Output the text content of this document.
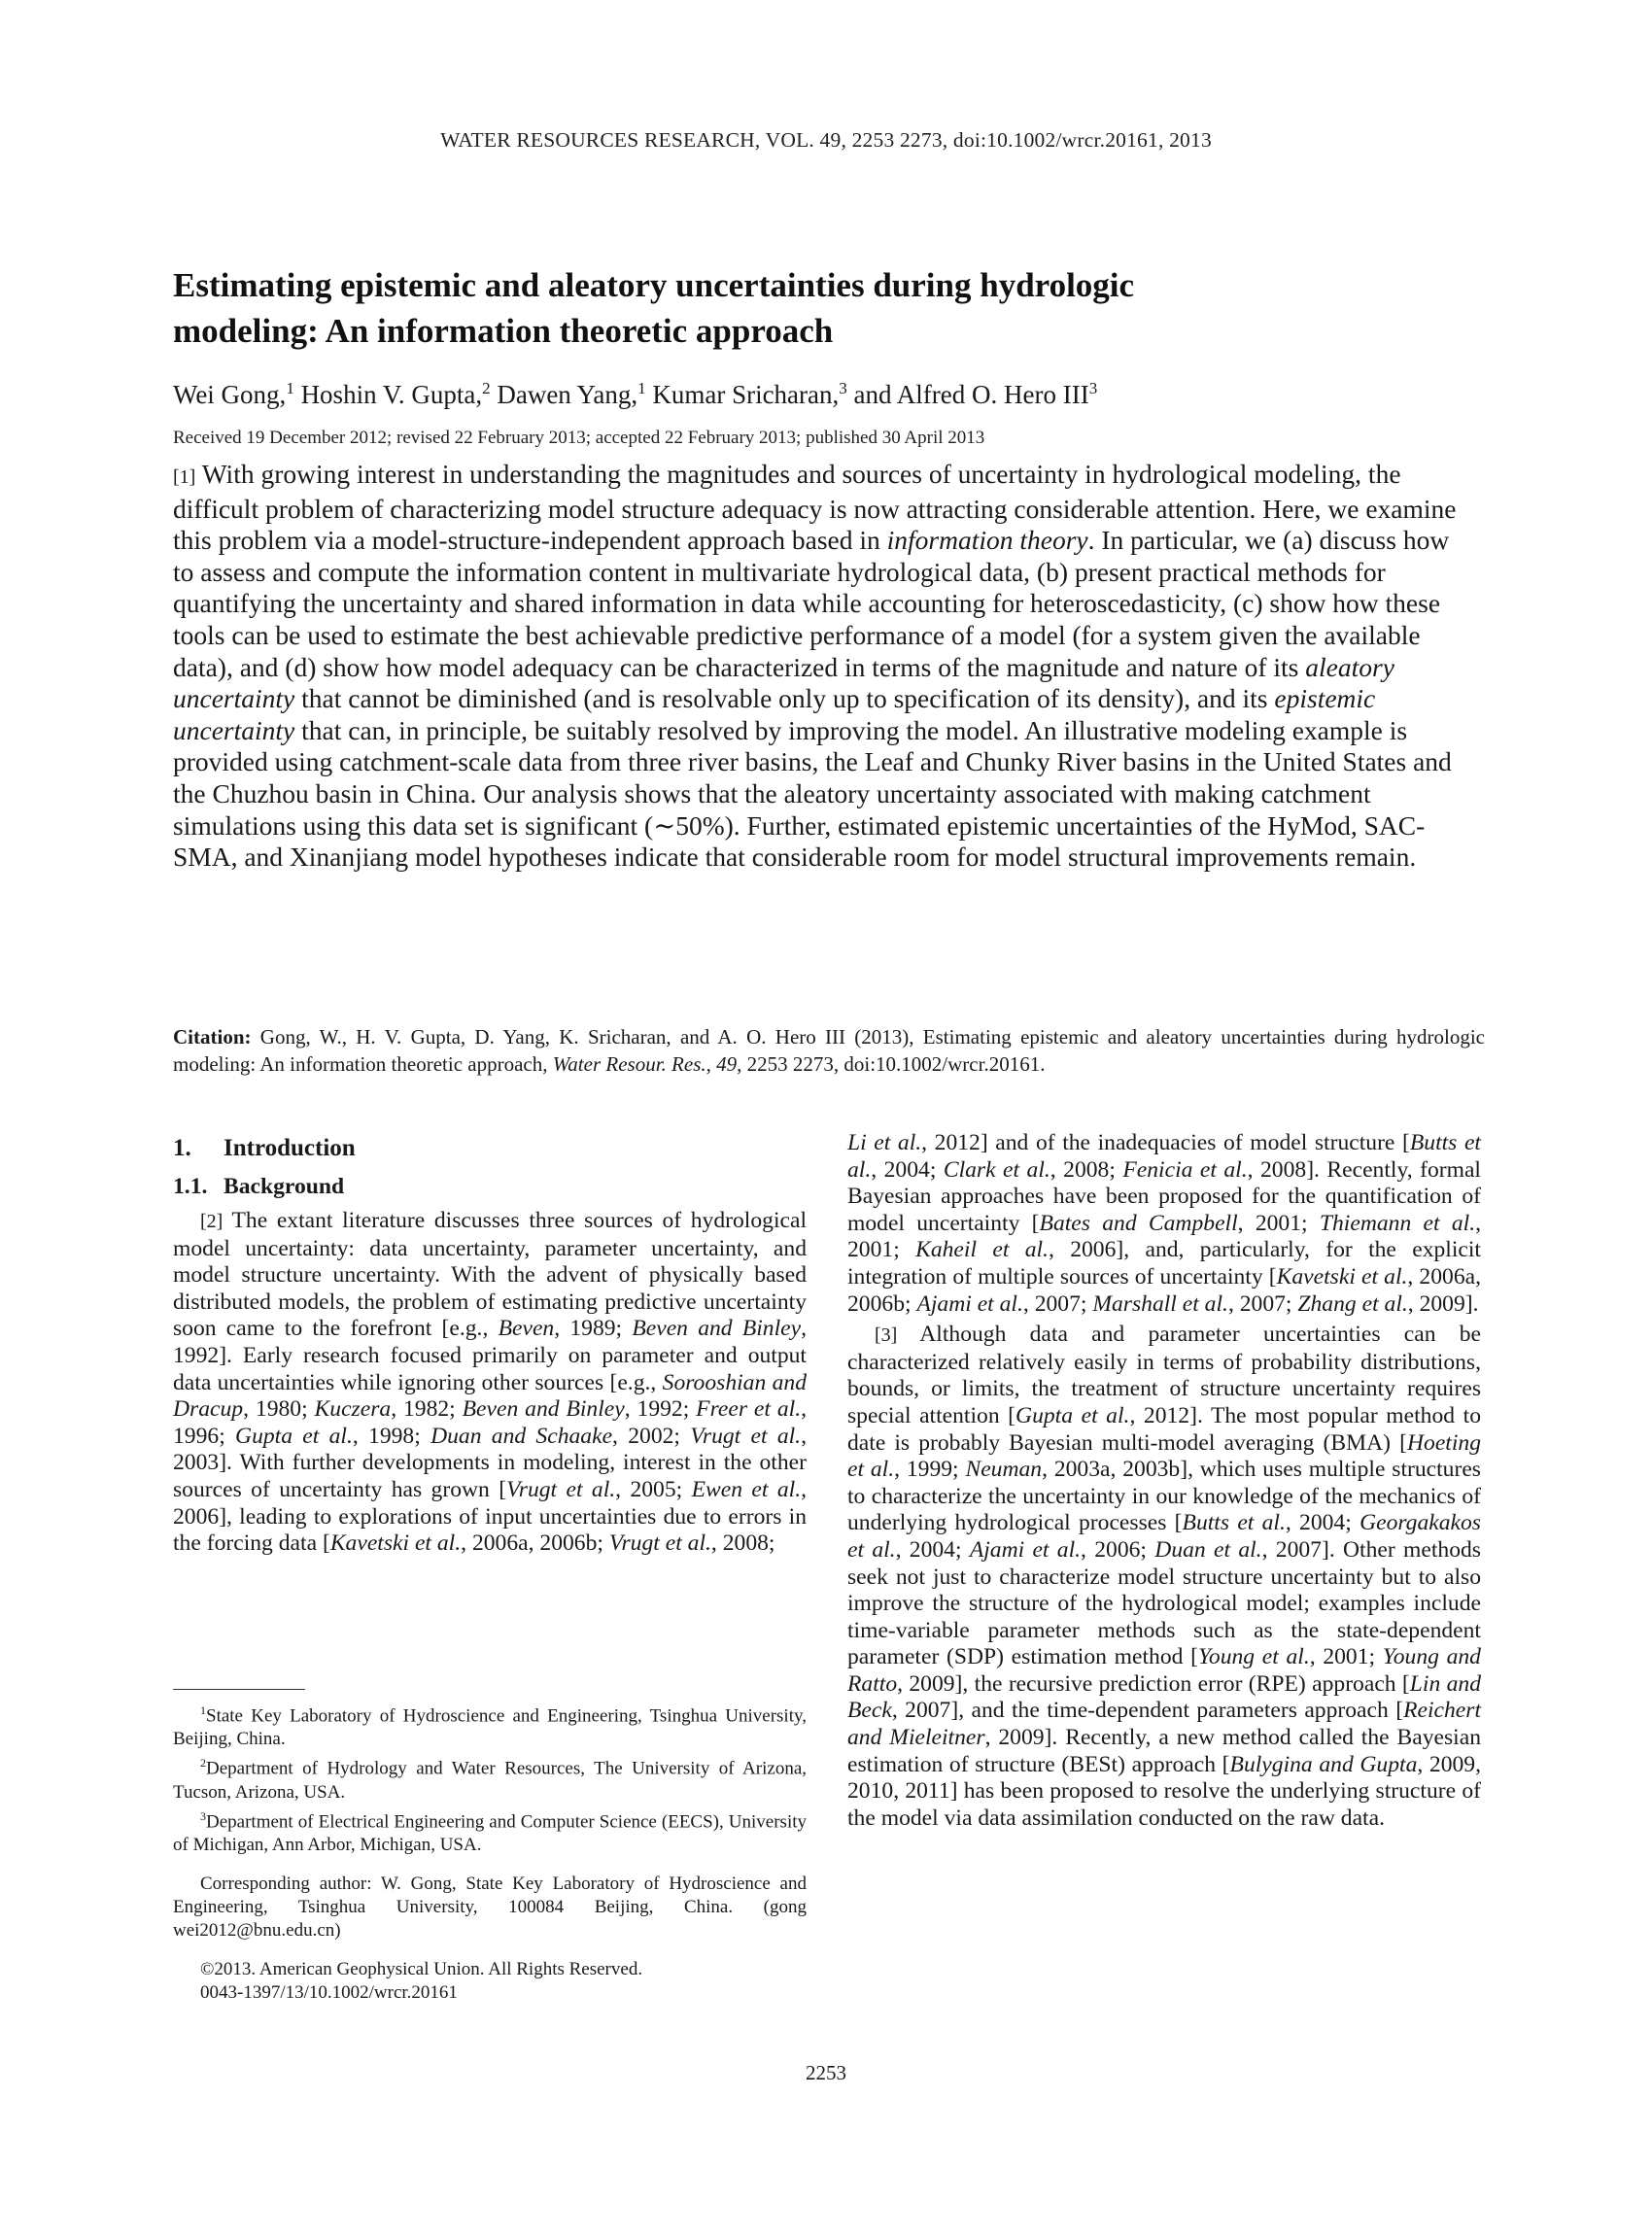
WATER RESOURCES RESEARCH, VOL. 49, 2253 2273, doi:10.1002/wrcr.20161, 2013
Estimating epistemic and aleatory uncertainties during hydrologic
modeling: An information theoretic approach

Wei Gong,$^1$ Hoshin V. Gupta,$^2$ Dawen Yang,$^1$ Kumar Sricharan,$^3$ and Alfred O. Hero III$^3$

Received 19 December 2012; revised 22 February 2013; accepted 22 February 2013; published 30 April 2013

[1] With growing interest in understanding the magnitudes and sources of uncertainty in hydrological modeling, the difficult problem of characterizing model structure adequacy is now attracting considerable attention. Here, we examine this problem via a model-structure-independent approach based in information theory. In particular, we (a) discuss how to assess and compute the information content in multivariate hydrological data, (b) present practical methods for quantifying the uncertainty and shared information in data while accounting for heteroscedasticity, (c) show how these tools can be used to estimate the best achievable predictive performance of a model (for a system given the available data), and (d) show how model adequacy can be characterized in terms of the magnitude and nature of its aleatory uncertainty that cannot be diminished (and is resolvable only up to specification of its density), and its epistemic uncertainty that can, in principle, be suitably resolved by improving the model. An illustrative modeling example is provided using catchment-scale data from three river basins, the Leaf and Chunky River basins in the United States and the Chuzhou basin in China. Our analysis shows that the aleatory uncertainty associated with making catchment simulations using this data set is significant (∼50%). Further, estimated epistemic uncertainties of the HyMod, SAC-SMA, and Xinanjiang model hypotheses indicate that considerable room for model structural improvements remain.

Citation: Gong, W., H. V. Gupta, D. Yang, K. Sricharan, and A. O. Hero III (2013), Estimating epistemic and aleatory uncertainties during hydrologic modeling: An information theoretic approach, Water Resour. Res., 49, 2253 2273, doi:10.1002/wrcr.20161.

1. Introduction
1.1. Background

[2] The extant literature discusses three sources of hydrological model uncertainty: data uncertainty, parameter uncertainty, and model structure uncertainty. With the advent of physically based distributed models, the problem of estimating predictive uncertainty soon came to the forefront [e.g., Beven, 1989; Beven and Binley, 1992]. Early research focused primarily on parameter and output data uncertainties while ignoring other sources [e.g., Sorooshian and Dracup, 1980; Kuczera, 1982; Beven and Binley, 1992; Freer et al., 1996; Gupta et al., 1998; Duan and Schaake, 2002; Vrugt et al., 2003]. With further developments in modeling, interest in the other sources of uncertainty has grown [Vrugt et al., 2005; Ewen et al., 2006], leading to explorations of input uncertainties due to errors in the forcing data [Kavetski et al., 2006a, 2006b; Vrugt et al., 2008;

$^1$State Key Laboratory of Hydroscience and Engineering, Tsinghua University, Beijing, China.

$^2$Department of Hydrology and Water Resources, The University of Arizona, Tucson, Arizona, USA.

$^3$Department of Electrical Engineering and Computer Science (EECS), University of Michigan, Ann Arbor, Michigan, USA.

Corresponding author: W. Gong, State Key Laboratory of Hydroscience and Engineering, Tsinghua University, 100084 Beijing, China. (gong wei2012@bnu.edu.cn)

©2013. American Geophysical Union. All Rights Reserved.

0043-1397/13/10.1002/wrcr.20161

Li et al., 2012] and of the inadequacies of model structure [Butts et al., 2004; Clark et al., 2008; Fenicia et al., 2008]. Recently, formal Bayesian approaches have been proposed for the quantification of model uncertainty [Bates and Campbell, 2001; Thiemann et al., 2001; Kaheil et al., 2006], and, particularly, for the explicit integration of multiple sources of uncertainty [Kavetski et al., 2006a, 2006b; Ajami et al., 2007; Marshall et al., 2007; Zhang et al., 2009].

[3] Although data and parameter uncertainties can be characterized relatively easily in terms of probability distributions, bounds, or limits, the treatment of structure uncertainty requires special attention [Gupta et al., 2012]. The most popular method to date is probably Bayesian multi-model averaging (BMA) [Hoeting et al., 1999; Neuman, 2003a, 2003b], which uses multiple structures to characterize the uncertainty in our knowledge of the mechanics of underlying hydrological processes [Butts et al., 2004; Georgakakos et al., 2004; Ajami et al., 2006; Duan et al., 2007]. Other methods seek not just to characterize model structure uncertainty but to also improve the structure of the hydrological model; examples include time-variable parameter methods such as the state-dependent parameter (SDP) estimation method [Young et al., 2001; Young and Ratto, 2009], the recursive prediction error (RPE) approach [Lin and Beck, 2007], and the time-dependent parameters approach [Reichert and Mieleitner, 2009]. Recently, a new method called the Bayesian estimation of structure (BESt) approach [Bulygina and Gupta, 2009, 2010, 2011] has been proposed to resolve the underlying structure of the model via data assimilation conducted on the raw data.

2253
